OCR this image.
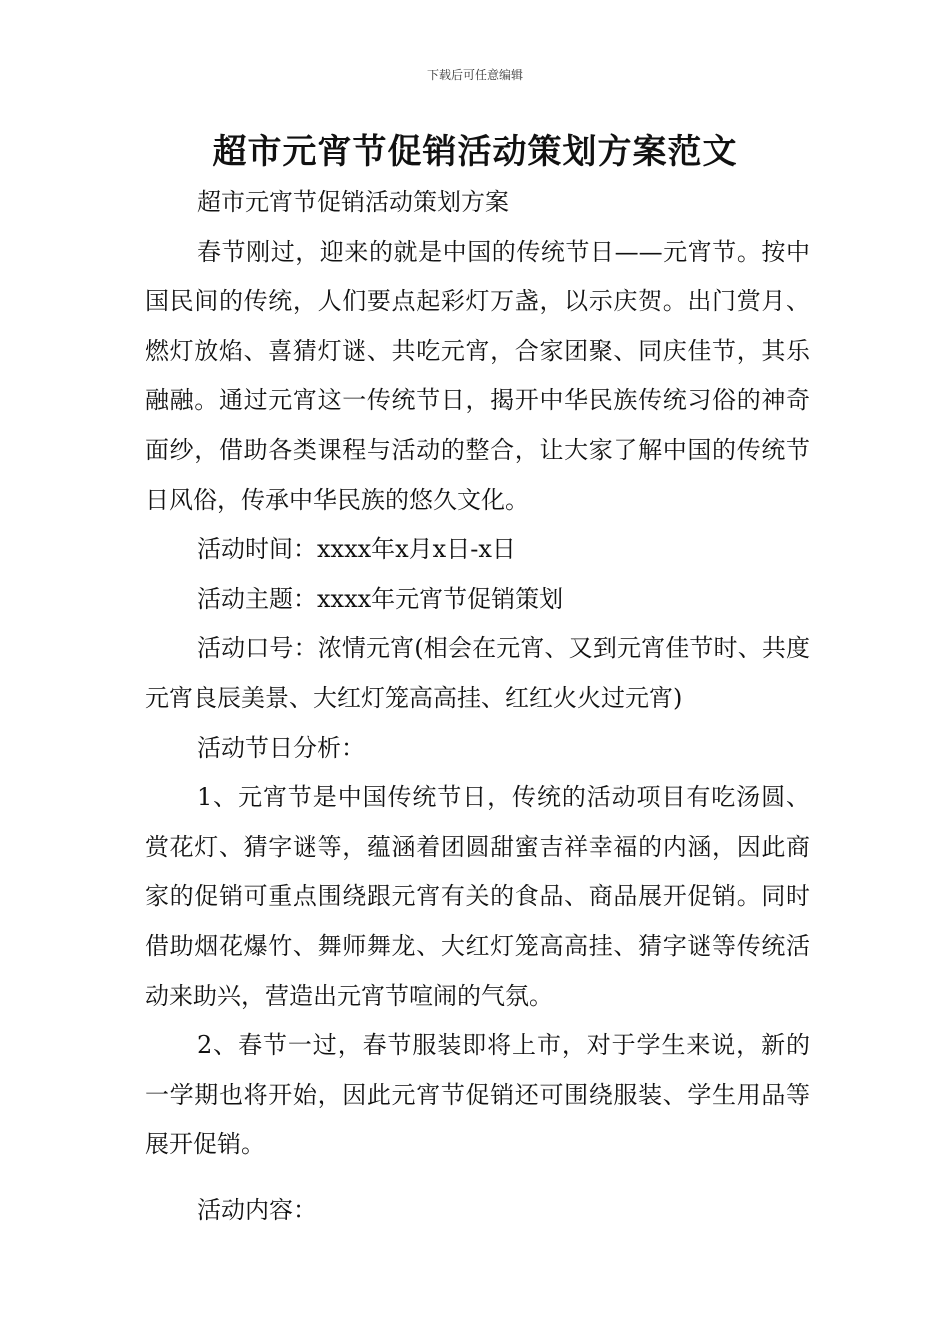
下载后可任意编辑
超市元宵节促销活动策划方案范文

超市元宵节促销活动策划方案

春节刚过，迎来的就是中国的传统节日——元宵节。按中国民间的传统，人们要点起彩灯万盏，以示庆贺。出门赏月、燃灯放焰、喜猜灯谜、共吃元宵，合家团聚、同庆佳节，其乐融融。通过元宵这一传统节日，揭开中华民族传统习俗的神奇面纱，借助各类课程与活动的整合，让大家了解中国的传统节日风俗，传承中华民族的悠久文化。

活动时间：xxxx年x月x日-x日

活动主题：xxxx年元宵节促销策划

活动口号：浓情元宵(相会在元宵、又到元宵佳节时、共度元宵良辰美景、大红灯笼高高挂、红红火火过元宵)

活动节日分析：

1、元宵节是中国传统节日，传统的活动项目有吃汤圆、赏花灯、猜字谜等，蕴涵着团圆甜蜜吉祥幸福的内涵，因此商家的促销可重点围绕跟元宵有关的食品、商品展开促销。同时借助烟花爆竹、舞师舞龙、大红灯笼高高挂、猜字谜等传统活动来助兴，营造出元宵节喧闹的气氛。

2、春节一过，春节服装即将上市，对于学生来说，新的一学期也将开始，因此元宵节促销还可围绕服装、学生用品等展开促销。

活动内容：
